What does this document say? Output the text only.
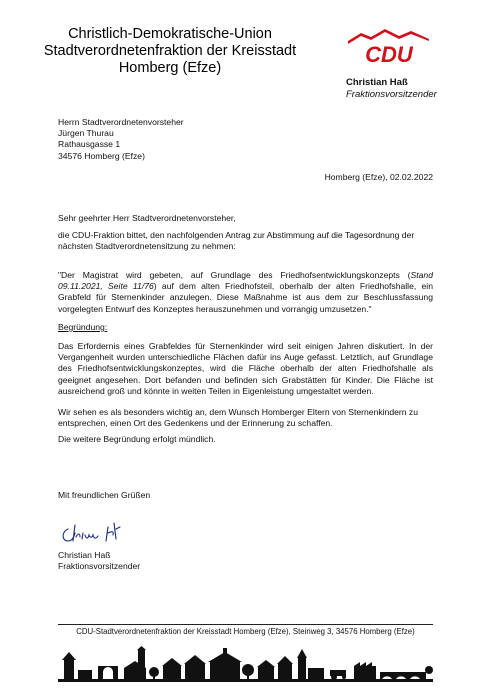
Christlich-Demokratische-Union
Stadtverordnetenfraktion der Kreisstadt
Homberg (Efze)
CDU
Christian Haß
Fraktionsvorsitzender
Herrn Stadtverordnetenvorsteher
Jürgen Thurau
Rathausgasse 1
34576 Homberg (Efze)
Homberg (Efze), 02.02.2022
Sehr geehrter Herr Stadtverordnetenvorsteher,
die CDU-Fraktion bittet, den nachfolgenden Antrag zur Abstimmung auf die Tagesordnung der nächsten Stadtverordnetensitzung zu nehmen:
"Der Magistrat wird gebeten, auf Grundlage des Friedhofsentwicklungskonzepts (Stand 09.11.2021, Seite 11/76) auf dem alten Friedhofsteil, oberhalb der alten Friedhofshalle, ein Grabfeld für Sternenkinder anzulegen. Diese Maßnahme ist aus dem zur Beschlussfassung vorgelegten Entwurf des Konzeptes herauszunehmen und vorrangig umzusetzen."
Begründung:
Das Erfordernis eines Grabfeldes für Sternenkinder wird seit einigen Jahren diskutiert. In der Vergangenheit wurden unterschiedliche Flächen dafür ins Auge gefasst. Letztlich, auf Grundlage des Friedhofsentwicklungskonzeptes, wird die Fläche oberhalb der alten Friedhofshalle als geeignet angesehen. Dort befanden und befinden sich Grabstätten für Kinder. Die Fläche ist ausreichend groß und könnte in weiten Teilen in Eigenleistung umgestaltet werden.
Wir sehen es als besonders wichtig an, dem Wunsch Homberger Eltern von Sternenkindern zu entsprechen, einen Ort des Gedenkens und der Erinnerung zu schaffen.
Die weitere Begründung erfolgt mündlich.
Mit freundlichen Grüßen
Christian Haß
Fraktionsvorsitzender
CDU-Stadtverordnetenfraktion der Kreisstadt Homberg (Efze), Steinweg 3, 34576 Homberg (Efze)
